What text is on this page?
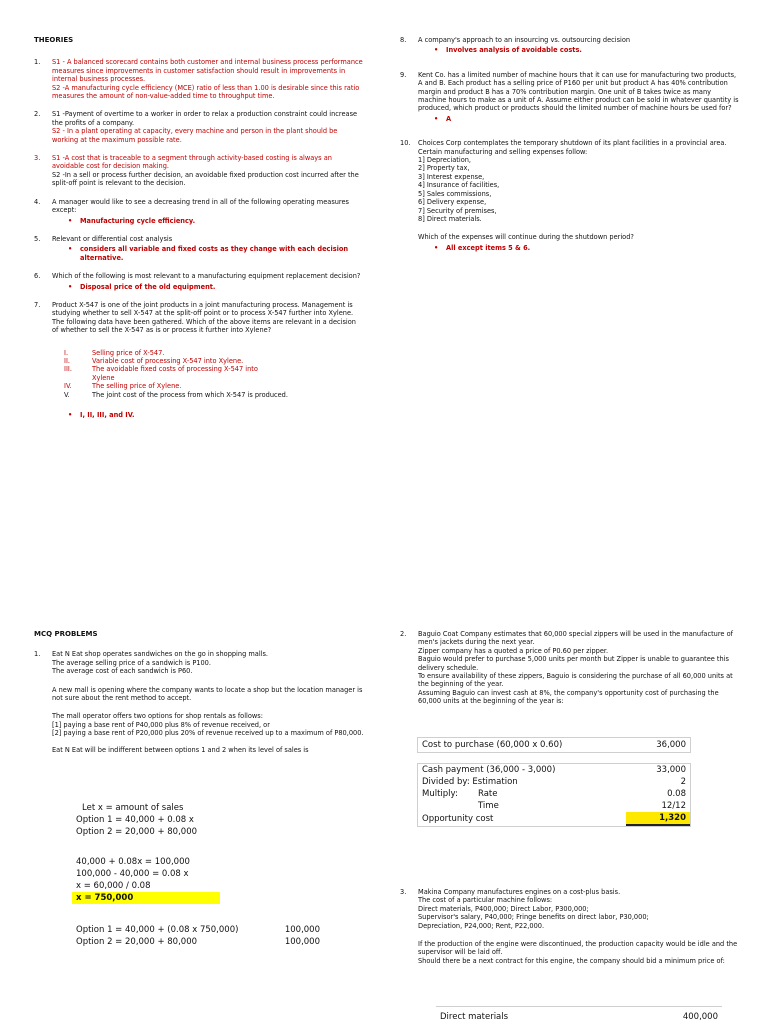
THEORIES

1. S1 - A balanced scorecard contains both customer and internal business process performance measures since improvements in customer satisfaction should result in improvements in internal business processes.

S2 -A manufacturing cycle efficiency (MCE) ratio of less than 1.00 is desirable since this ratio measures the amount of non-value-added time to throughput time.

2. S1 -Payment of overtime to a worker in order to relax a production constraint could increase the profits of a company.

S2 - In a plant operating at capacity, every machine and person in the plant should be working at the maximum possible rate.

3. S1 -A cost that is traceable to a segment through activity-based costing is always an avoidable cost for decision making.

S2 -In a sell or process further decision, an avoidable fixed production cost incurred after the split-off point is relevant to the decision.

4. A manager would like to see a decreasing trend in all of the following operating measures except:

• Manufacturing cycle efficiency.

5. Relevant or differential cost analysis

• considers all variable and fixed costs as they change with each decision alternative.

6. Which of the following is most relevant to a manufacturing equipment replacement decision?

• Disposal price of the old equipment.

7. Product X-547 is one of the joint products in a joint manufacturing process. Management is studying whether to sell X-547 at the split-off point or to process X-547 further into Xylene. The following data have been gathered. Which of the above items are relevant in a decision of whether to sell the X-547 as is or process it further into Xylene?

I.	Selling price of X-547.
II.	Variable cost of processing X-547 into Xylene.
III.	The avoidable fixed costs of processing X-547 into Xylene
IV.	The selling price of Xylene.
V.	The joint cost of the process from which X-547 is produced.

• I, II, III, and IV.

8. A company's approach to an insourcing vs. outsourcing decision

• Involves analysis of avoidable costs.

9. Kent Co. has a limited number of machine hours that it can use for manufacturing two products, A and B. Each product has a selling price of P160 per unit but product A has 40% contribution margin and product B has a 70% contribution margin. One unit of B takes twice as many machine hours to make as a unit of A. Assume either product can be sold in whatever quantity is produced, which product or products should the limited number of machine hours be used for?

• A

10. Choices Corp contemplates the temporary shutdown of its plant facilities in a provincial area. Certain manufacturing and selling expenses follow:

1] Depreciation,

2] Property tax,

3] Interest expense,

4] Insurance of facilities,

5] Sales commissions,

6] Delivery expense,

7] Security of premises,

8] Direct materials.

Which of the expenses will continue during the shutdown period?

• All except items 5 & 6.

MCQ PROBLEMS

1. Eat N Eat shop operates sandwiches on the go in shopping malls.

The average selling price of a sandwich is P100.

The average cost of each sandwich is P60.

A new mall is opening where the company wants to locate a shop but the location manager is not sure about the rent method to accept.

The mall operator offers two options for shop rentals as follows:

[1] paying a base rent of P40,000 plus 8% of revenue received, or

[2] paying a base rent of P20,000 plus 20% of revenue received up to a maximum of P80,000.

Eat N Eat will be indifferent between options 1 and 2 when its level of sales is

Let x = amount of sales
Option 1 = 40,000 + 0.08 x
Option 2 = 20,000 + 80,000
40,000 + 0.08x = 100,000
100,000 - 40,000 = 0.08 x
x = 60,000 / 0.08
x = 750,000
Option 1 = 40,000 + (0.08 x 750,000)	100,000
Option 2 = 20,000 + 80,000	100,000
2. Baguio Coat Company estimates that 60,000 special zippers will be used in the manufacture of men's jackets during the next year.

Zipper company has a quoted a price of P0.60 per zipper.

Baguio would prefer to purchase 5,000 units per month but Zipper is unable to guarantee this delivery schedule.

To ensure availability of these zippers, Baguio is considering the purchase of all 60,000 units at the beginning of the year.

Assuming Baguio can invest cash at 8%, the company's opportunity cost of purchasing the 60,000 units at the beginning of the year is:

Cost to purchase (60,000 x 0.60)	36,000
Cash payment (36,000 - 3,000)		33,000
Divided by: Estimation		2
Multiply:	Rate	0.08
	Time	12/12
Opportunity cost		1,320
3. Makina Company manufactures engines on a cost-plus basis.

The cost of a particular machine follows:

Direct materials, P400,000; Direct Labor, P300,000;

Supervisor's salary, P40,000; Fringe benefits on direct labor, P30,000;

Depreciation, P24,000; Rent, P22,000.

If the production of the engine were discontinued, the production capacity would be idle and the supervisor will be laid off.

Should there be a next contract for this engine, the company should bid a minimum price of:

Direct materials	400,000
